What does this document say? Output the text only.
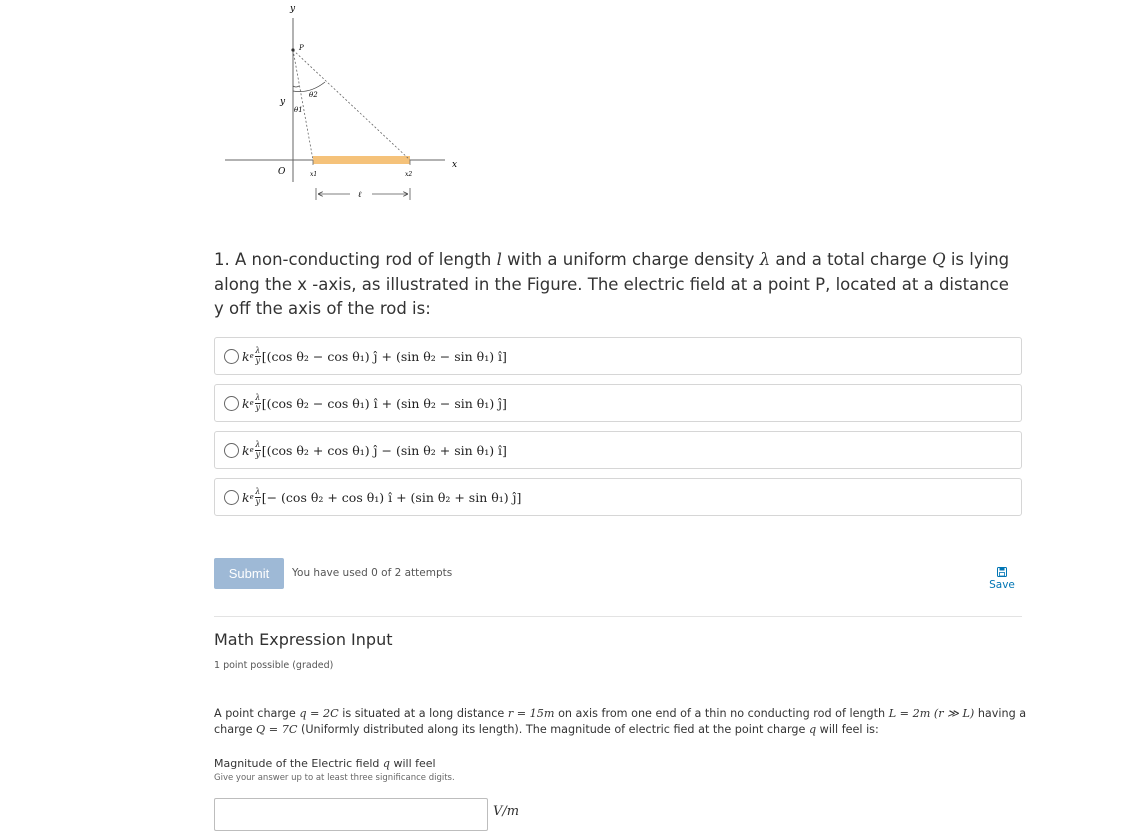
y
P
θ2
y
θ1
O	x1	x2
x
ℓ
1. A non-conducting rod of length l with a uniform charge density λ and a total charge Q is lying along the x -axis, as illustrated in the Figure. The electric field at a point P, located at a distance y off the axis of the rod is:
k e $\frac{\lambda}{y} [(\cos$ θ₂ − cos θ₁) ĵ + (sin θ₂ − sin θ₁) î]
k e $\frac{\lambda}{y} [(\cos$ θ₂ − cos θ₁) î + (sin θ₂ − sin θ₁) ĵ]
k e $\frac{\lambda}{y} [(\cos$ θ₂ + cos θ₁) ĵ − (sin θ₂ + sin θ₁) î]
k e $\frac{\lambda}{y}$ [− (cos θ₂ + cos θ₁) î + (sin θ₂ + sin θ₁) ĵ]
Submit	You have used 0 of 2 attempts
Save
Math Expression Input
1 point possible (graded)
A point charge q = 2C is situated at a long distance r = 15m on axis from one end of a thin no conducting rod of length L = 2m (r ≫ L) having a charge Q = 7C (Uniformly distributed along its length). The magnitude of electric fied at the point charge q will feel is:
Magnitude of the Electric field q will feel
Give your answer up to at least three significance digits.
V/m
